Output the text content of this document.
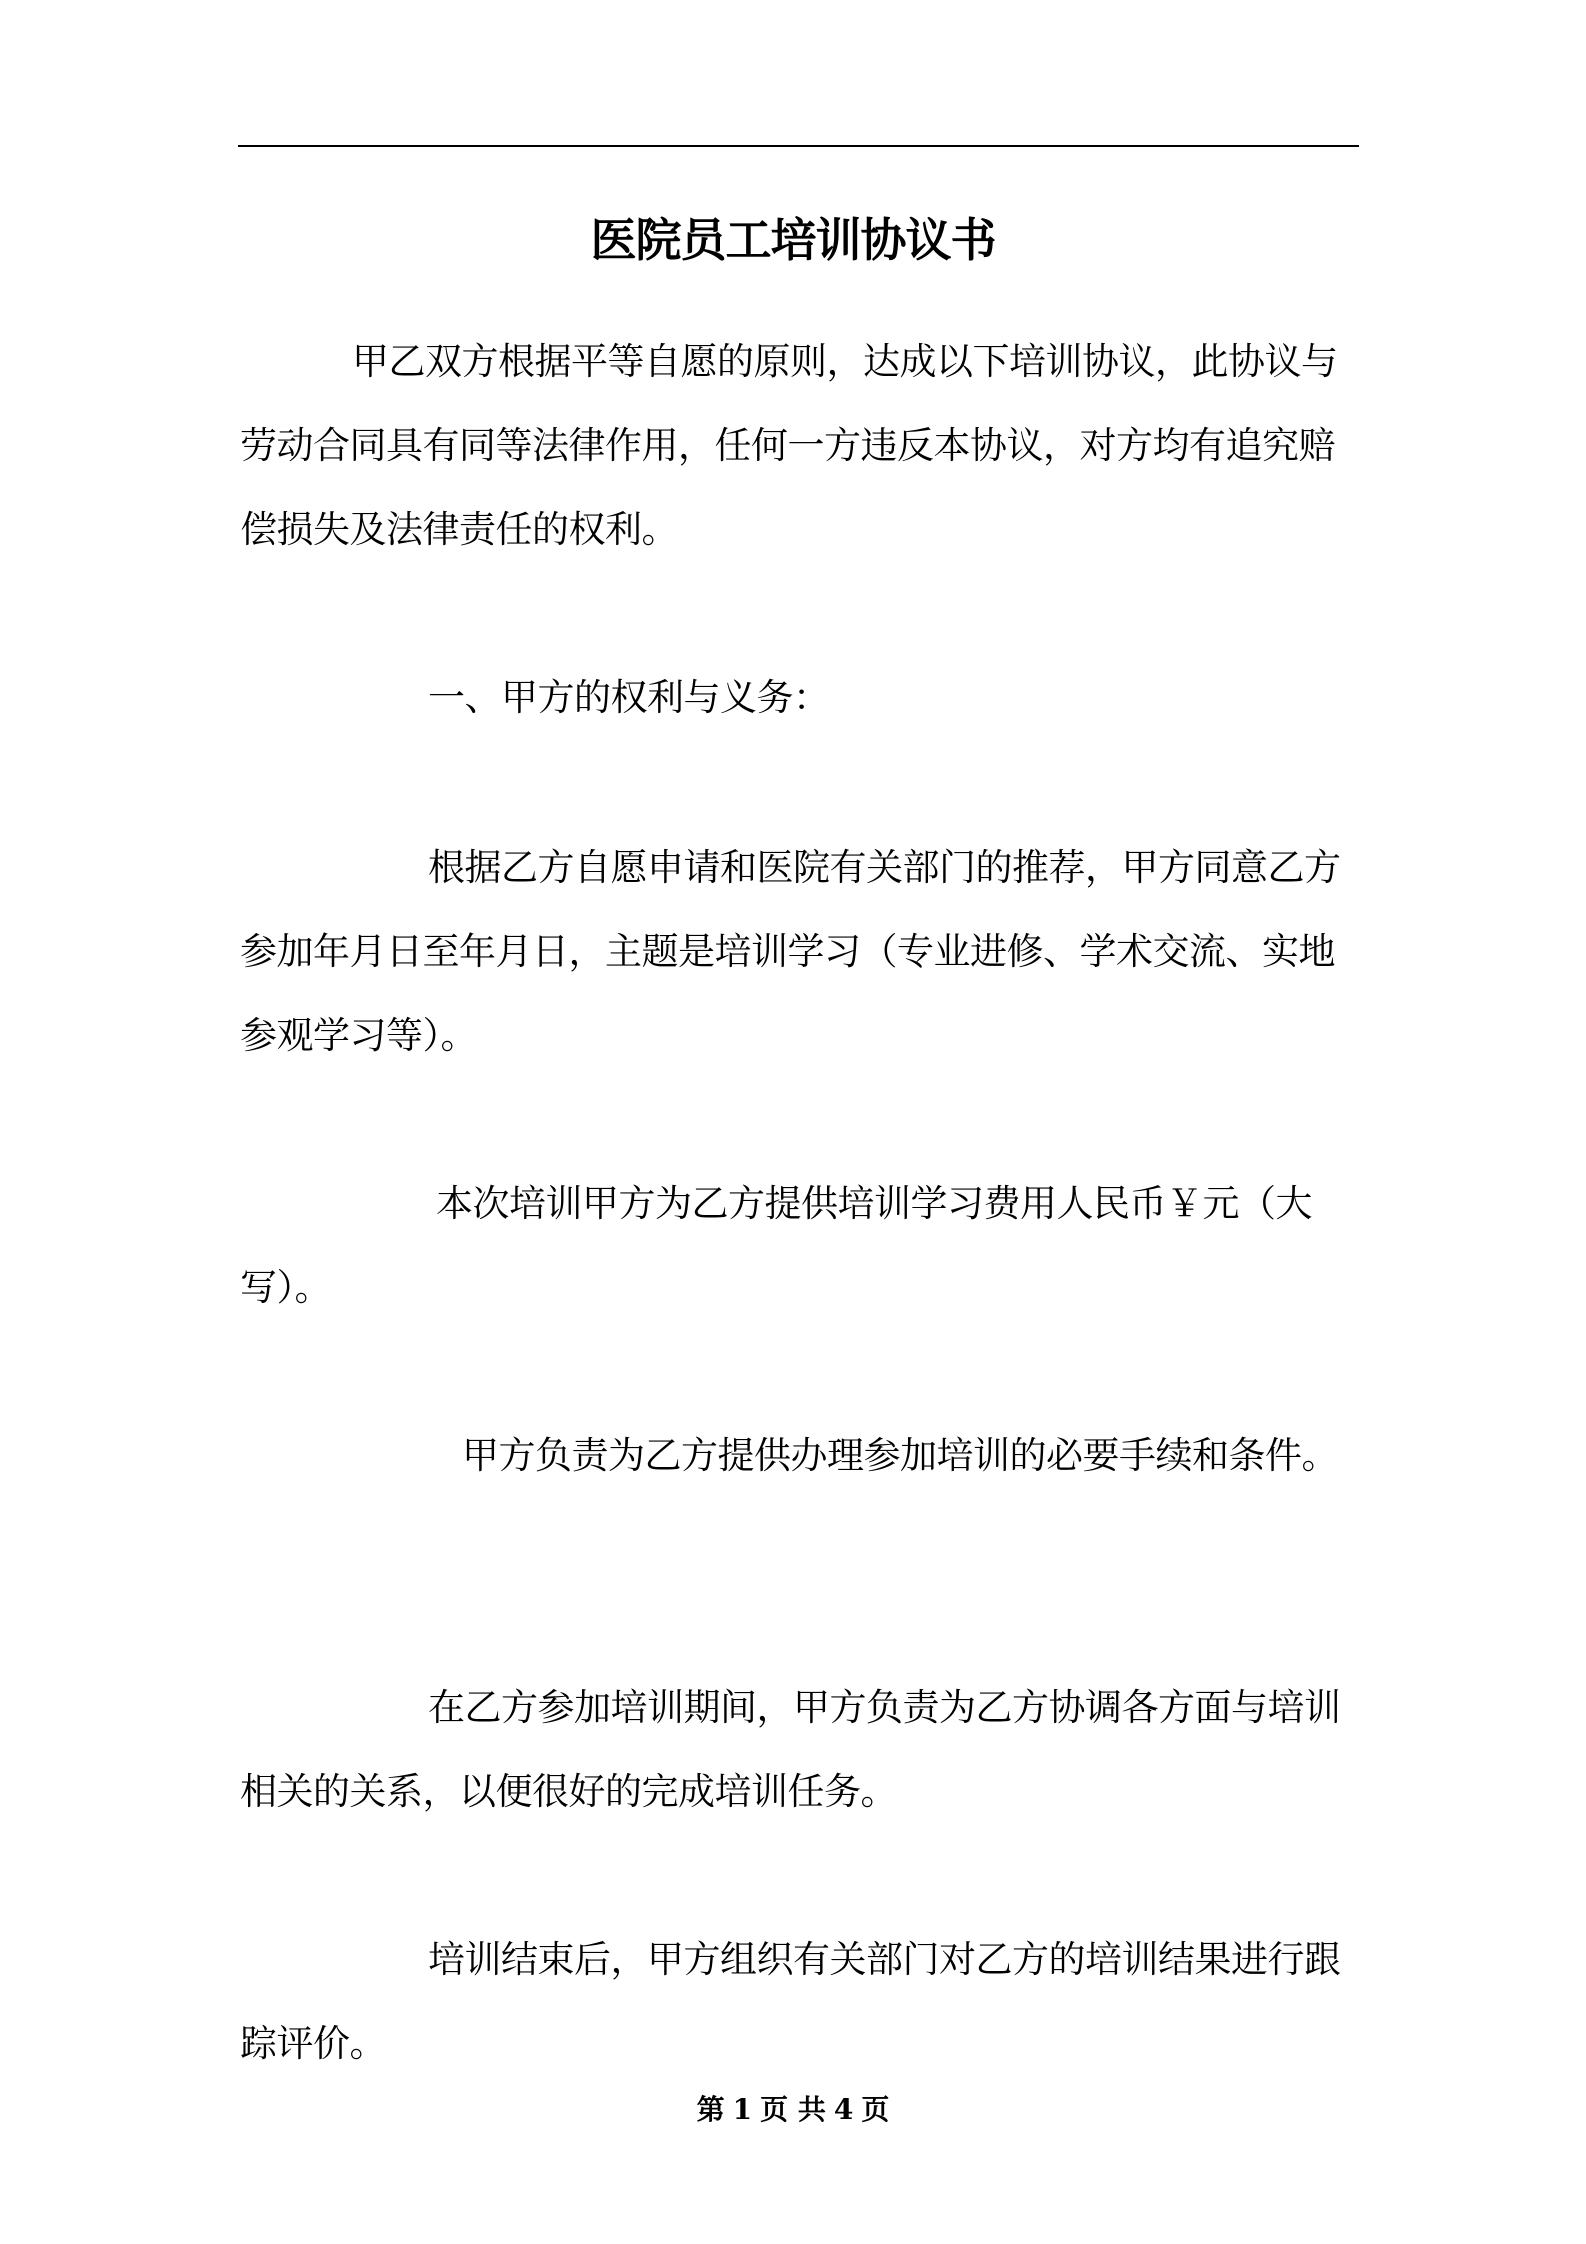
医院员工培训协议书

甲乙双方根据平等自愿的原则，达成以下培训协议，此协议与劳动合同具有同等法律作用，任何一方违反本协议，对方均有追究赔偿损失及法律责任的权利。

一、甲方的权利与义务：

根据乙方自愿申请和医院有关部门的推荐，甲方同意乙方参加年月日至年月日，主题是培训学习（专业进修、学术交流、实地参观学习等）。

本次培训甲方为乙方提供培训学习费用人民币￥元（大写）。

甲方负责为乙方提供办理参加培训的必要手续和条件。

在乙方参加培训期间，甲方负责为乙方协调各方面与培训相关的关系，以便很好的完成培训任务。

培训结束后，甲方组织有关部门对乙方的培训结果进行跟踪评价。

第 1 页 共 4 页
